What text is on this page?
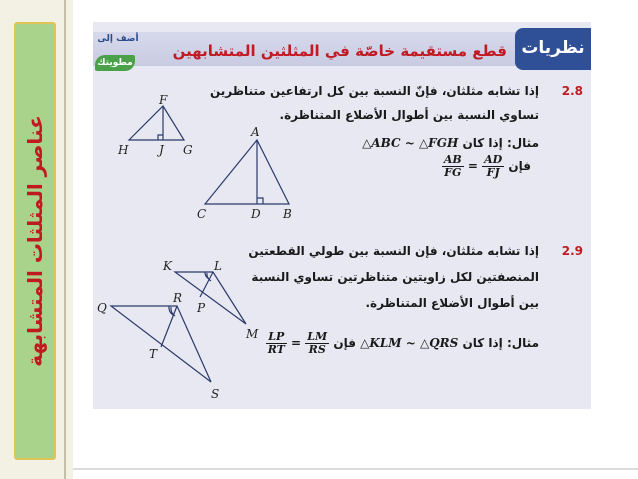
عناصر المثلثات المتشابهة
نظريات
قطع مستقيمة خاصّة في المثلثين المتشابهين
أضف إلى
مطويتك
2.8
إذا تشابه مثلثان، فإنّ النسبة بين كل ارتفاعين متناظرين
تساوي النسبة بين أطوال الأضلاع المتناظرة.
مثال: إذا كان △ABC ~ △FGH
فإن
$\frac{AD}{FJ}$
=
$\frac{AB}{FG}$
2.9
إذا تشابه مثلثان، فإن النسبة بين طولي القطعتين
المنصفتين لكل زاويتين متناظرتين تساوي النسبة
بين أطوال الأضلاع المتناظرة.
مثال: إذا كان △KLM ~ △QRS فإن
$\frac{LM}{RS}$
=
$\frac{LP}{RT}$
F
H	J G
A
C	D B
K	L
P
M
Q
R
T
S
